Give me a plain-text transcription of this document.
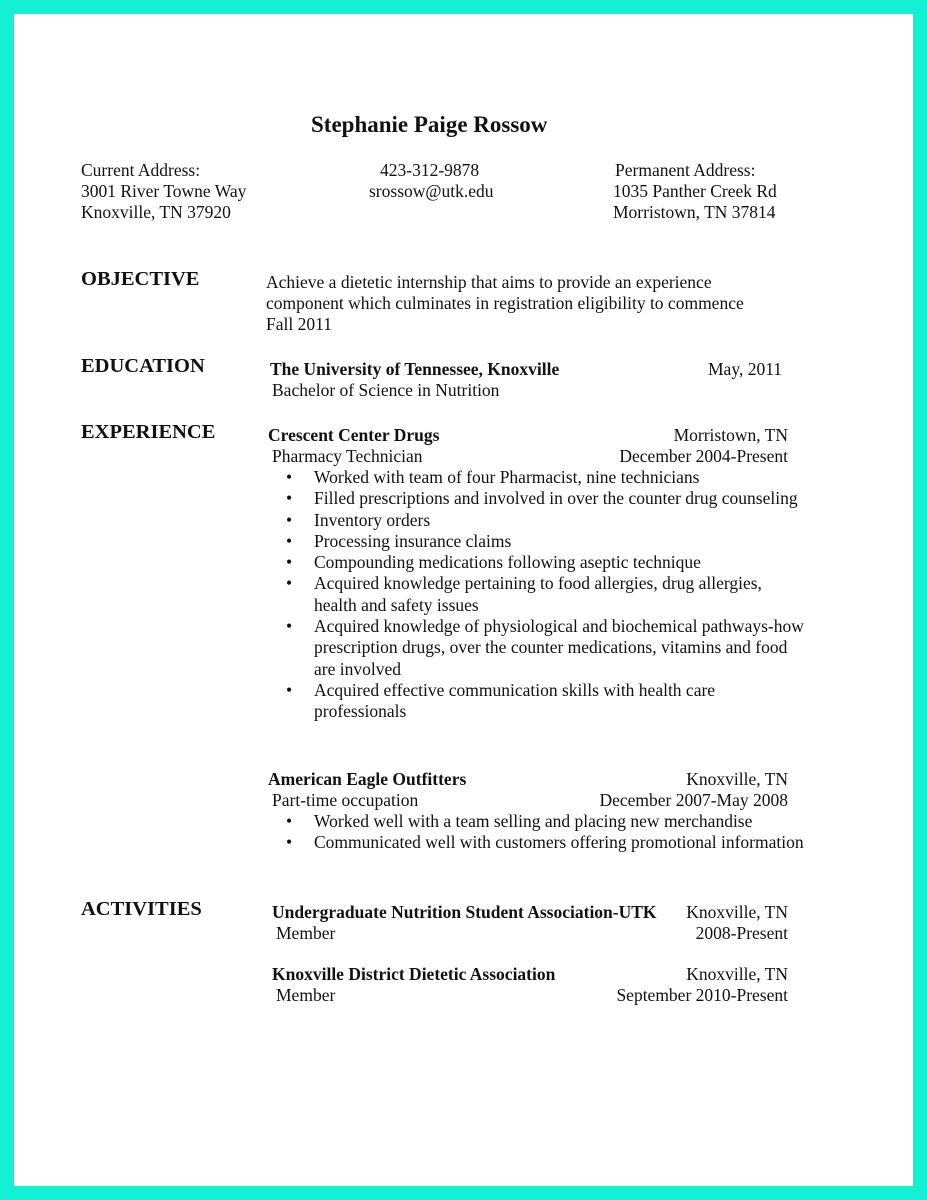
Stephanie Paige Rossow
Current Address:
3001 River Towne Way
Knoxville, TN 37920
423-312-9878
srossow@utk.edu
Permanent Address:
1035 Panther Creek Rd
Morristown, TN 37814
OBJECTIVE	Achieve a dietetic internship that aims to provide an experience
component which culminates in registration eligibility to commence
Fall 2011
EDUCATION	The University of Tennessee, Knoxville	May, 2011
Bachelor of Science in Nutrition
EXPERIENCE	Crescent Center Drugs	Morristown, TN
Pharmacy Technician	December 2004-Present
• Worked with team of four Pharmacist, nine technicians
• Filled prescriptions and involved in over the counter drug counseling
• Inventory orders
• Processing insurance claims
• Compounding medications following aseptic technique
• Acquired knowledge pertaining to food allergies, drug allergies, health and safety issues
• Acquired knowledge of physiological and biochemical pathways-how prescription drugs, over the counter medications, vitamins and food are involved
• Acquired effective communication skills with health care professionals
American Eagle Outfitters	Knoxville, TN
Part-time occupation	December 2007-May 2008
• Worked well with a team selling and placing new merchandise
• Communicated well with customers offering promotional information
ACTIVITIES	Undergraduate Nutrition Student Association-UTK	Knoxville, TN
Member	2008-Present
Knoxville District Dietetic Association	Knoxville, TN
Member	September 2010-Present
